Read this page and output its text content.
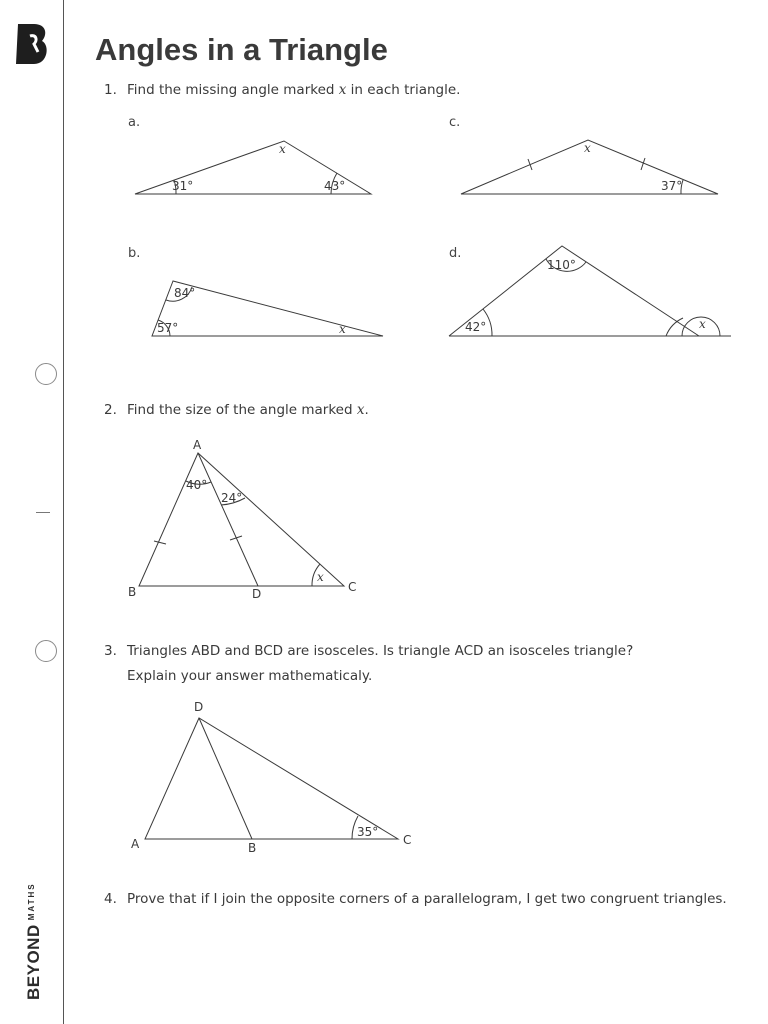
$BEYOND^{MATHS}$
Angles in a Triangle
1. Find the missing angle marked x in each triangle.
a.	c.
b.	d.
2. Find the size of the angle marked x.
3. Triangles ABD and BCD are isosceles. Is triangle ACD an isosceles triangle?
Explain your answer mathematicaly.
4. Prove that if I join the opposite corners of a parallelogram, I get two congruent triangles.
31°	43°
x
37°
x
84°
57°	x
110°
42°	x
A
B	C
D
40°
24°
x
D
A	B
C
35°
